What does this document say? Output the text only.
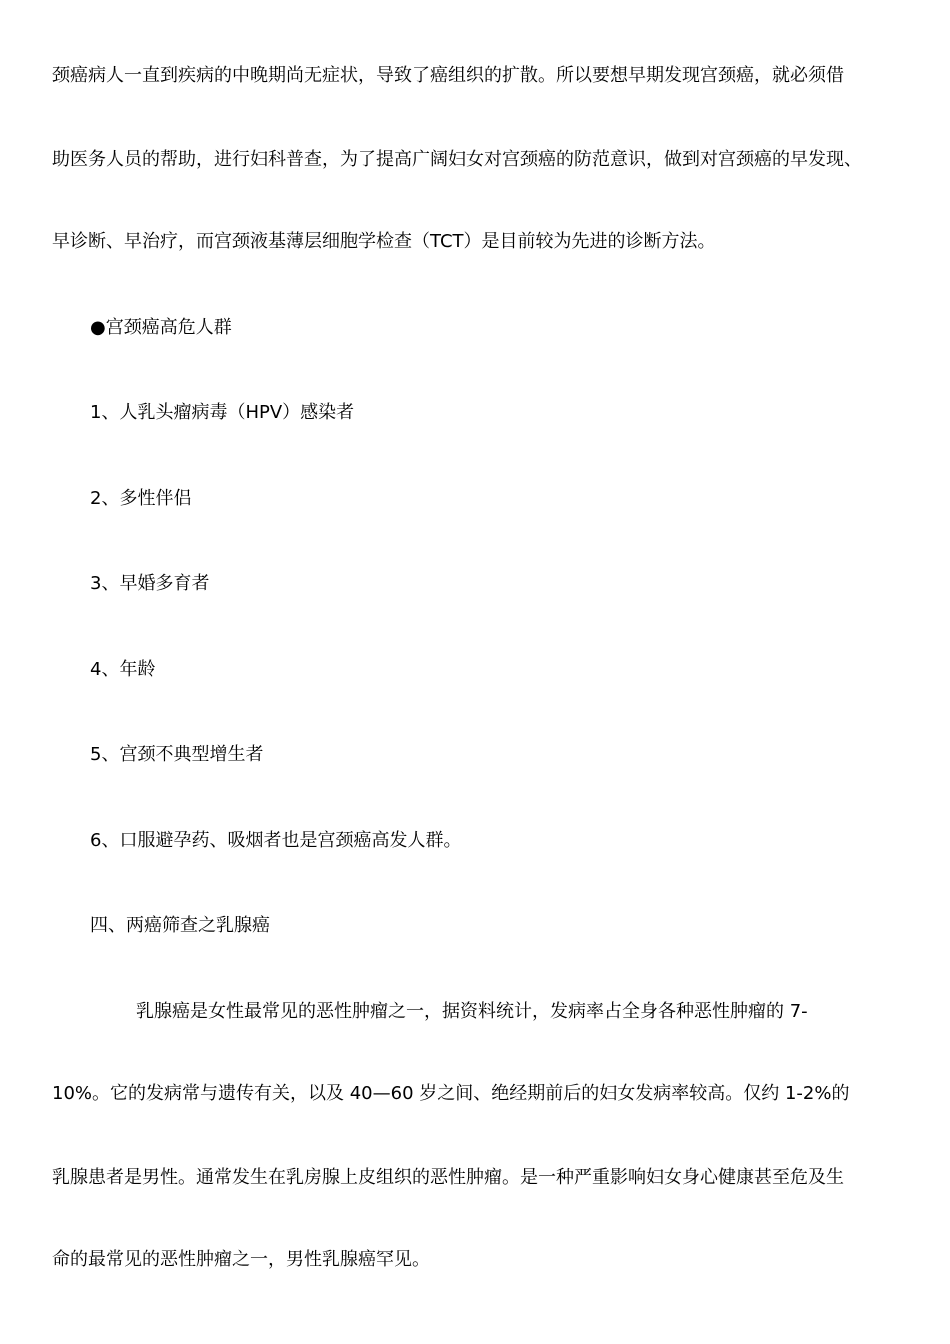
颈癌病人一直到疾病的中晚期尚无症状，导致了癌组织的扩散。所以要想早期发现宫颈癌，就必须借
助医务人员的帮助，进行妇科普查，为了提高广阔妇女对宫颈癌的防范意识，做到对宫颈癌的早发现、
早诊断、早治疗，而宫颈液基薄层细胞学检查（TCT）是目前较为先进的诊断方法。
●宫颈癌高危人群
1、人乳头瘤病毒（HPV）感染者
2、多性伴侣
3、早婚多育者
4、年龄
5、宫颈不典型增生者
6、口服避孕药、吸烟者也是宫颈癌高发人群。
四、两癌筛查之乳腺癌
乳腺癌是女性最常见的恶性肿瘤之一，据资料统计，发病率占全身各种恶性肿瘤的 7-
10%。它的发病常与遗传有关，以及 40—60 岁之间、绝经期前后的妇女发病率较高。仅约 1-2%的
乳腺患者是男性。通常发生在乳房腺上皮组织的恶性肿瘤。是一种严重影响妇女身心健康甚至危及生
命的最常见的恶性肿瘤之一，男性乳腺癌罕见。
